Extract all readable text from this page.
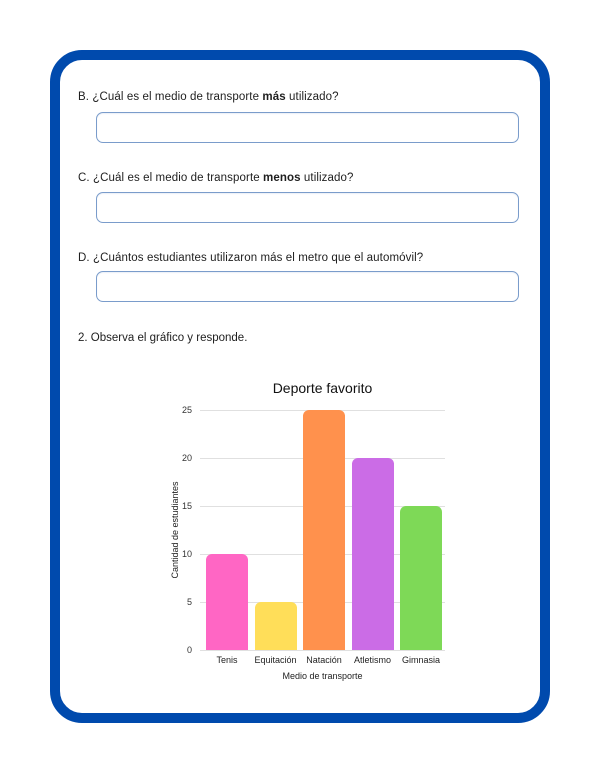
B. ¿Cuál es el medio de transporte más utilizado?
C. ¿Cuál es el medio de transporte menos utilizado?
D. ¿Cuántos estudiantes utilizaron más el metro que el automóvil?
2. Observa el gráfico y responde.
Deporte favorito
Cantidad de estudiantes
0
5
10
15
20
25
Tenis Equitación Natación Atletismo Gimnasia
Medio de transporte
